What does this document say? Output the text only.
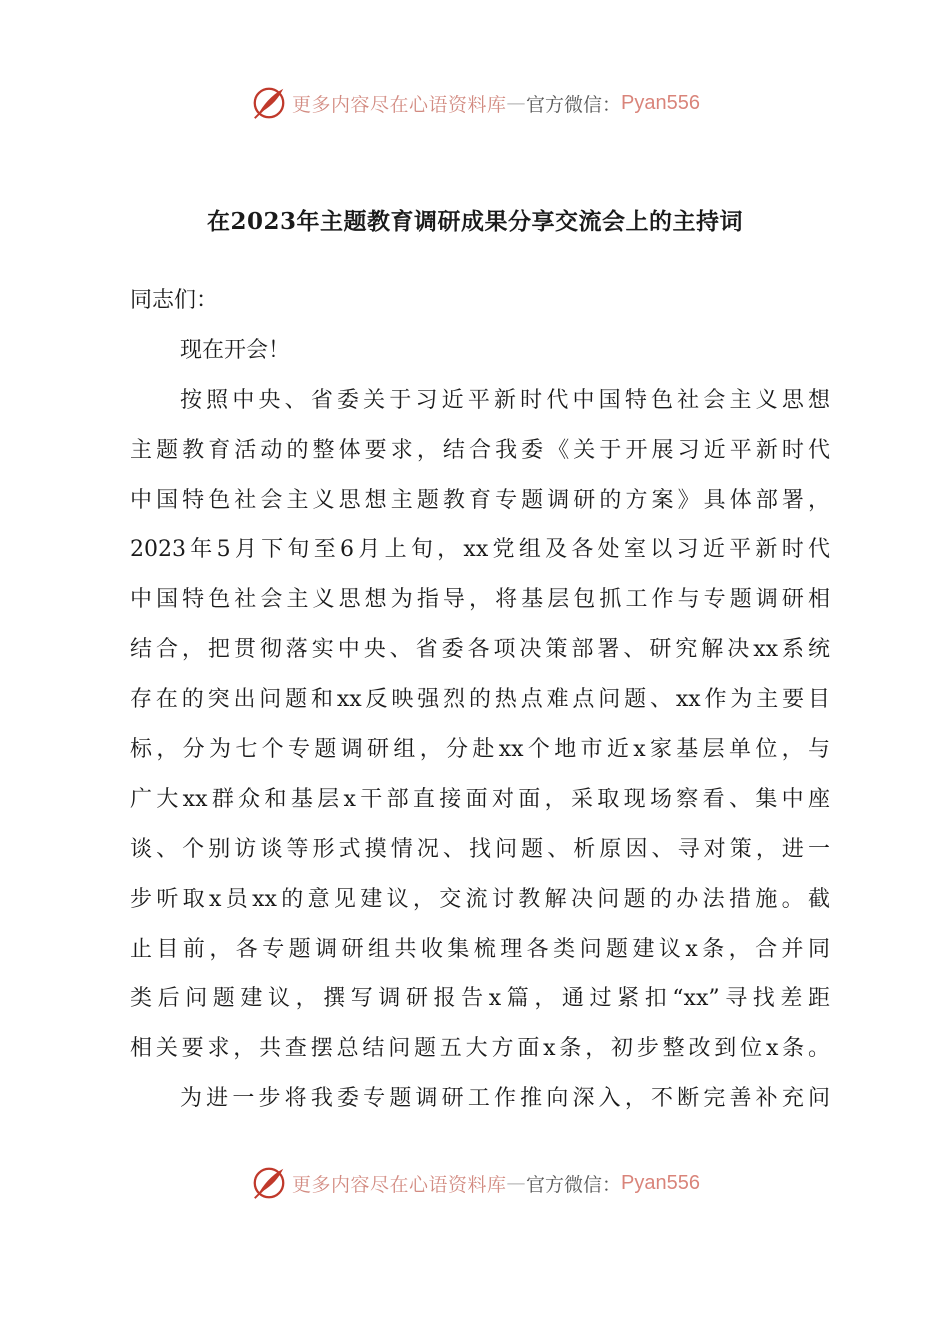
更多内容尽在心语资料库 — 官方微信： Pyan556
在2023年主题教育调研成果分享交流会上的主持词
同志们：
现在开会！
按照中央、省委关于习近平新时代中国特色社会主义思想
主题教育活动的整体要求，结合我委《关于开展习近平新时代
中国特色社会主义思想主题教育专题调研的方案》具体部署，
2023年5月下旬至6月上旬，xx党组及各处室以习近平新时代
中国特色社会主义思想为指导，将基层包抓工作与专题调研相
结合，把贯彻落实中央、省委各项决策部署、研究解决xx系统
存在的突出问题和xx反映强烈的热点难点问题、xx作为主要目
标，分为七个专题调研组，分赴xx个地市近x家基层单位，与
广大xx群众和基层x干部直接面对面，采取现场察看、集中座
谈、个别访谈等形式摸情况、找问题、析原因、寻对策，进一
步听取x员xx的意见建议，交流讨教解决问题的办法措施。截
止目前，各专题调研组共收集梳理各类问题建议x条，合并同
类后问题建议，撰写调研报告x篇，通过紧扣“xx”寻找差距
相关要求，共查摆总结问题五大方面x条，初步整改到位x条。
为进一步将我委专题调研工作推向深入，不断完善补充问
更多内容尽在心语资料库 — 官方微信： Pyan556
